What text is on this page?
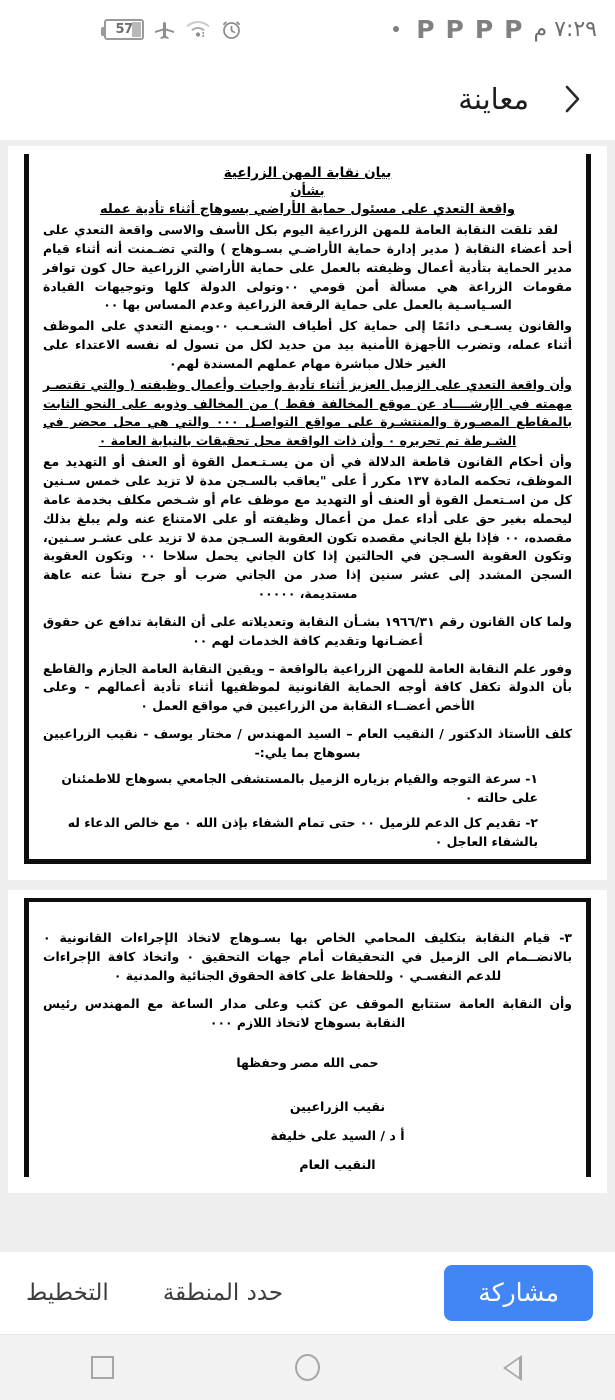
57	P P P P ٧:٢٩ م
معاينة
بيان نقابة المهن الزراعية
بشأن
واقعة التعدي على مسئول حماية الأراضي بسوهاج أثناء تأدية عمله

لقد تلقت النقابة العامة للمهن الزراعية اليوم بكل الأسف والاسى واقعة التعدي على أحد أعضاء النقابة ( مدير إدارة حماية الأراضـي بسـوهاج ) والتي تضـمنت أنه أثناء قيام مدير الحماية بتأدية أعمال وظيفته بالعمل على حماية الأراضي الزراعية حال كون توافر مقومات الزراعة هي مسألة أمن قومي ٠٠وتولى الدولة كلها وتوجيهات القيادة السـياسـية بالعمل على حماية الرقعة الزراعية وعدم المساس بها ٠٠

والقانون يسـعـى دائمًا إلى حماية كل أطياف الشـعـب ٠٠ويمنع التعدي على الموظف أثناء عمله، وتضرب الأجهزة الأمنية بيد من حديد لكل من تسول له نفسه الاعتداء على الغير خلال مباشرة مهام عملهم المسندة لهم٠

وأن واقعة التعدي على الزميل العزيز أثناء تأدية واجبات وأعمال وظيفته ( والتي تقتصـر مهمته في الإرشــــاد عن موقع المخالفة فقط ) من المخالف وذويه على النحو الثابت بالمقاطع المصـورة والمنتشـرة على مواقع التواصـل ٠٠٠ والتي هي محل محضر في الشـرطة تم تحريره ٠ وأن ذات الواقعة محل تحقيقات بالنيابة العامة ٠

وأن أحكام القانون قاطعة الدلالة في أن من يسـتـعمل القوة أو العنف أو التهديد مع الموظف، تحكمه المادة ١٣٧ مكرر أ على "يعاقب بالسـجن مدة لا تزيد على خمس سـنين كل من اسـتعمل القوة أو العنف أو التهديد مع موظف عام أو شـخص مكلف بخدمة عامة ليحمله بغير حق على أداء عمل من أعمال وظيفته أو على الامتناع عنه ولم يبلغ بذلك مقصده، ٠٠ فإذا بلغ الجاني مقصده تكون العقوبة السـجن مدة لا تزيد على عشـر سـنين، وتكون العقوبة السـجن في الحالتين إذا كان الجاني يحمل سلاحا ٠٠ وتكون العقوبة السجن المشدد إلى عشر سنين إذا صدر من الجاني ضرب أو جرح نشأ عنه عاهة مستديمة، ٠٠٠٠٠

ولما كان القانون رقم ١٩٦٦/٣١ بشـأن النقابة وتعديلاته على أن النقابة تدافع عن حقوق أعضـانها وتقديم كافة الخدمات لهم ٠٠

وفور علم النقابة العامة للمهن الزراعية بالواقعة – ويقين النقابة العامة الجازم والقاطع بأن الدولة تكفل كافة أوجه الحماية القانونية لموظفيها أثناء تأدية أعمالهم - وعلى الأخص أعضــاء النقابة من الزراعيين في مواقع العمل ٠

كلف الأستاذ الدكتور / النقيب العام – السيد المهندس / مختار يوسف - نقيب الزراعيين بسوهاج بما يلي:-

١- سرعة التوجه والقيام بزياره الزميل بالمستشفى الجامعي بسوهاج للاطمئنان على حالته ٠

٢- تقديم كل الدعم للزميل ٠٠ حتى تمام الشفاء بإذن الله ٠ مع خالص الدعاء له بالشفاء العاجل ٠

٣- قيام النقابة بتكليف المحامي الخاص بها بسـوهاج لاتخاذ الإجراءات القانونية ٠ بالانضــمام الى الزميل في التحقيقات أمام جهات التحقيق ٠ واتخاذ كافة الإجراءات للدعم النفسـي ٠ وللحفاظ على كافة الحقوق الجنائية والمدنية ٠

وأن النقابة العامة ستتابع الموقف عن كثب وعلى مدار الساعة مع المهندس رئيس النقابة بسوهاج لاتخاذ اللازم ٠٠٠

حمى الله مصر وحفظها

نقيب الزراعيين
أ د / السيد على خليفة
النقيب العام
مشاركة
حدد المنطقة
التخطيط
